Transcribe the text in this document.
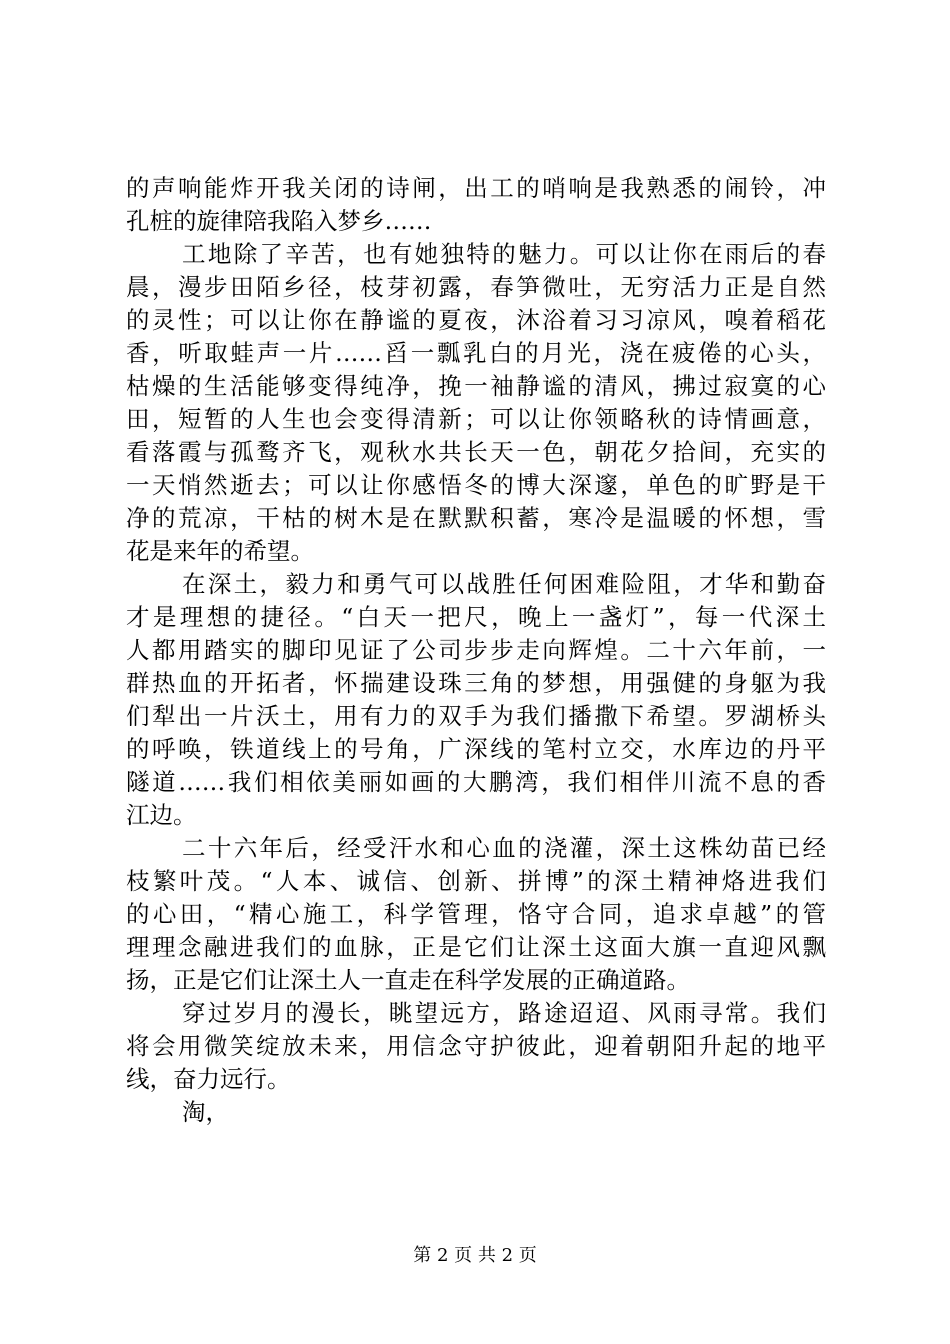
的声响能炸开我关闭的诗闸，出工的哨响是我熟悉的闹铃，冲
孔桩的旋律陪我陷入梦乡……
工地除了辛苦，也有她独特的魅力。可以让你在雨后的春
晨，漫步田陌乡径，枝芽初露，春笋微吐，无穷活力正是自然
的灵性；可以让你在静谧的夏夜，沐浴着习习凉风，嗅着稻花
香，听取蛙声一片……舀一瓢乳白的月光，浇在疲倦的心头，
枯燥的生活能够变得纯净，挽一袖静谧的清风，拂过寂寞的心
田，短暂的人生也会变得清新；可以让你领略秋的诗情画意，
看落霞与孤鹜齐飞，观秋水共长天一色，朝花夕拾间，充实的
一天悄然逝去；可以让你感悟冬的博大深邃，单色的旷野是干
净的荒凉，干枯的树木是在默默积蓄，寒冷是温暖的怀想，雪
花是来年的希望。
在深土，毅力和勇气可以战胜任何困难险阻，才华和勤奋
才是理想的捷径。“白天一把尺，晚上一盏灯”，每一代深土
人都用踏实的脚印见证了公司步步走向辉煌。二十六年前，一
群热血的开拓者，怀揣建设珠三角的梦想，用强健的身躯为我
们犁出一片沃土，用有力的双手为我们播撒下希望。罗湖桥头
的呼唤，铁道线上的号角，广深线的笔村立交，水库边的丹平
隧道……我们相依美丽如画的大鹏湾，我们相伴川流不息的香
江边。
二十六年后，经受汗水和心血的浇灌，深土这株幼苗已经
枝繁叶茂。“人本、诚信、创新、拼博”的深土精神烙进我们
的心田，“精心施工，科学管理，恪守合同，追求卓越”的管
理理念融进我们的血脉，正是它们让深土这面大旗一直迎风飘
扬，正是它们让深土人一直走在科学发展的正确道路。
穿过岁月的漫长，眺望远方，路途迢迢、风雨寻常。我们
将会用微笑绽放未来，用信念守护彼此，迎着朝阳升起的地平
线，奋力远行。
淘，
第 2 页 共 2 页
